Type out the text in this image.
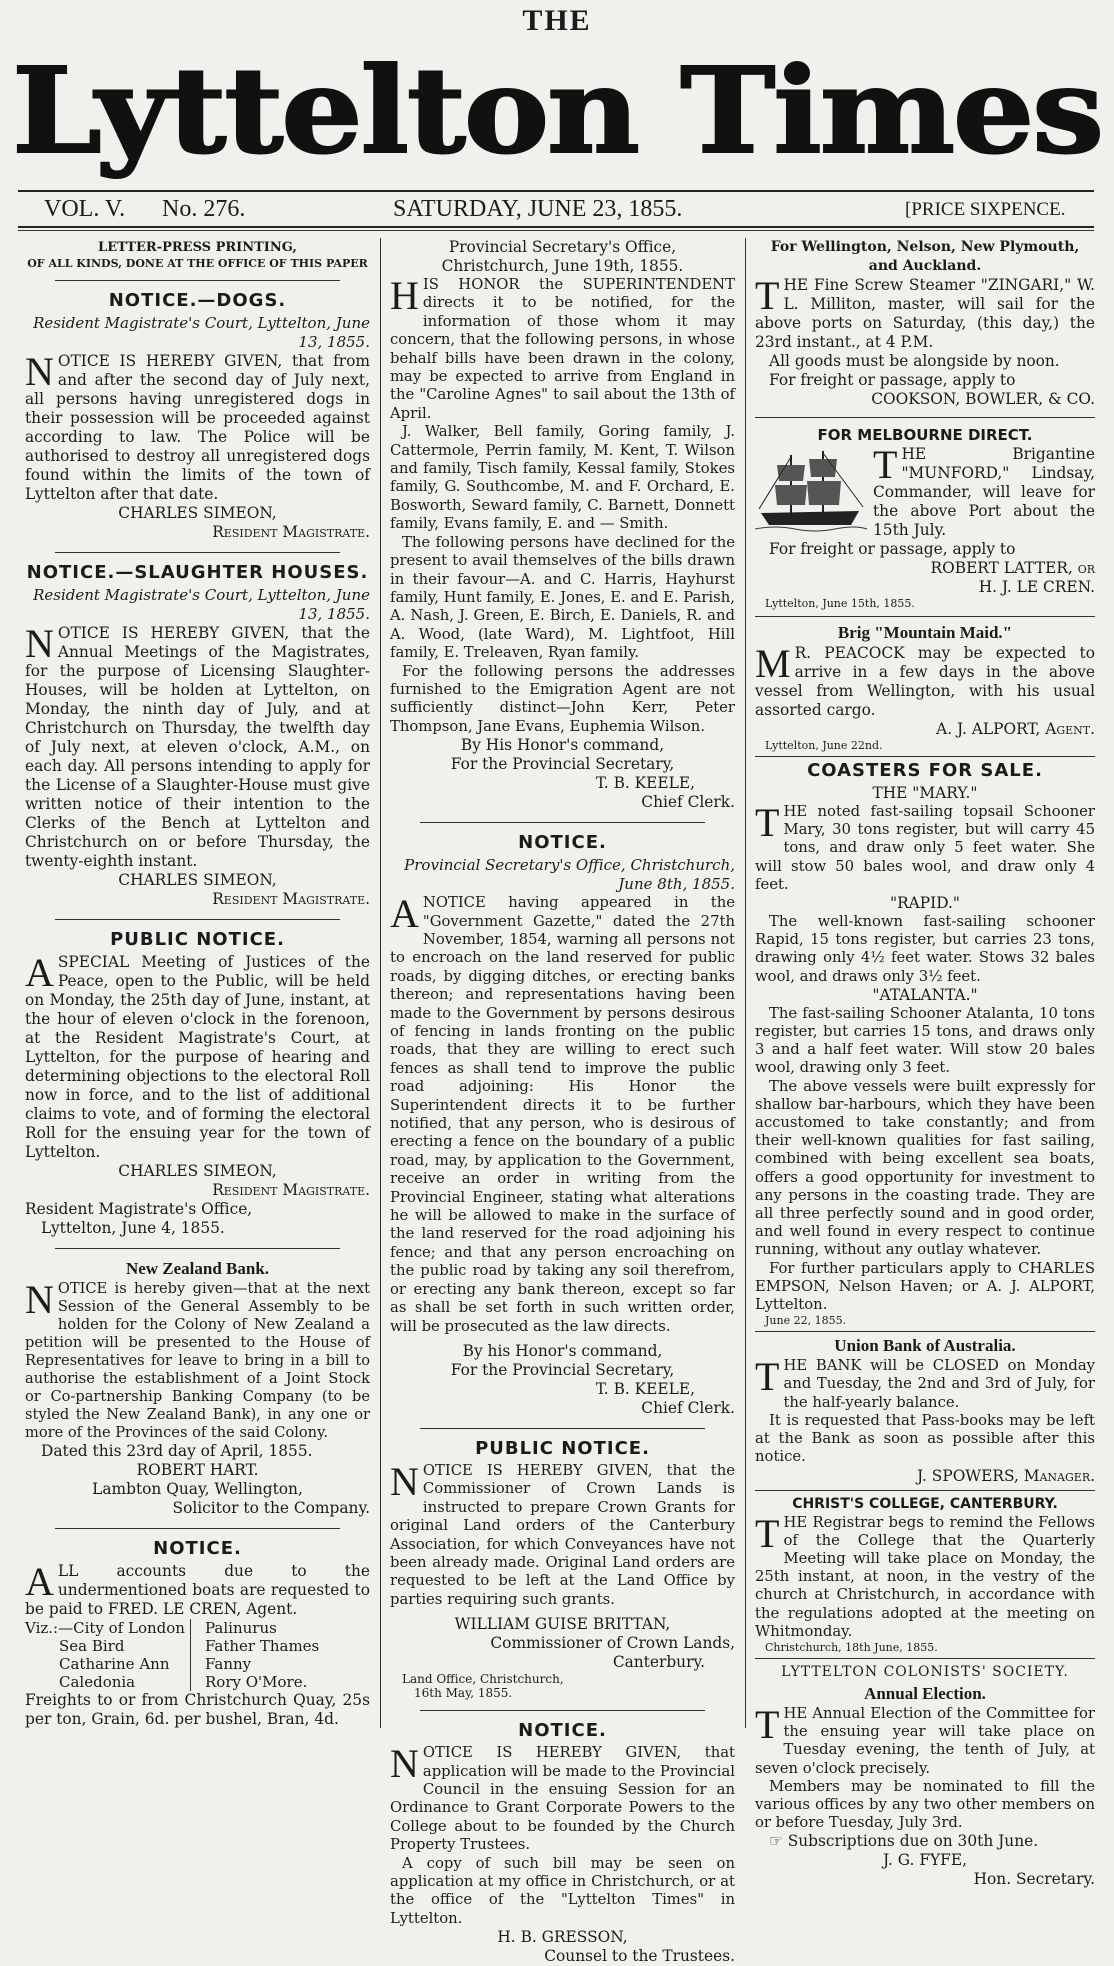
THE
Lyttelton Times
VOL. V. No. 276.	SATURDAY, JUNE 23, 1855.	[PRICE SIXPENCE.
LETTER-PRESS PRINTING,
OF ALL KINDS, DONE AT THE OFFICE OF THIS PAPER
NOTICE.—DOGS.
Resident Magistrate's Court, Lyttelton, June 13, 1855.

NOTICE IS HEREBY GIVEN, that from and after the second day of July next, all persons having unregistered dogs in their possession will be proceeded against according to law. The Police will be authorised to destroy all unregistered dogs found within the limits of the town of Lyttelton after that date.

CHARLES SIMEON,
Resident Magistrate.
NOTICE.—SLAUGHTER HOUSES.
Resident Magistrate's Court, Lyttelton, June 13, 1855.

NOTICE IS HEREBY GIVEN, that the Annual Meetings of the Magistrates, for the purpose of Licensing Slaughter-Houses, will be holden at Lyttelton, on Monday, the ninth day of July, and at Christchurch on Thursday, the twelfth day of July next, at eleven o'clock, A.M., on each day. All persons intending to apply for the License of a Slaughter-House must give written notice of their intention to the Clerks of the Bench at Lyttelton and Christchurch on or before Thursday, the twenty-eighth instant.

CHARLES SIMEON,
Resident Magistrate.
PUBLIC NOTICE.

ASPECIAL Meeting of Justices of the Peace, open to the Public, will be held on Monday, the 25th day of June, instant, at the hour of eleven o'clock in the forenoon, at the Resident Magistrate's Court, at Lyttelton, for the purpose of hearing and determining objections to the electoral Roll now in force, and to the list of additional claims to vote, and of forming the electoral Roll for the ensuing year for the town of Lyttelton.

CHARLES SIMEON,
Resident Magistrate.
Resident Magistrate's Office,
Lyttelton, June 4, 1855.
New Zealand Bank.

NOTICE is hereby given—that at the next Session of the General Assembly to be holden for the Colony of New Zealand a petition will be presented to the House of Representatives for leave to bring in a bill to authorise the establishment of a Joint Stock or Co-partnership Banking Company (to be styled the New Zealand Bank), in any one or more of the Provinces of the said Colony.

Dated this 23rd day of April, 1855.
ROBERT HART.
Lambton Quay, Wellington,
Solicitor to the Company.
NOTICE.

ALL accounts due to the undermentioned boats are requested to be paid to FRED. LE CREN, Agent.

Viz.:—City of London
Sea Bird
Catharine Ann
Caledonia
Palinurus
Father Thames
Fanny
Rory O'More.

Freights to or from Christchurch Quay, 25s per ton, Grain, 6d. per bushel, Bran, 4d.

Provincial Secretary's Office,
Christchurch, June 19th, 1855.

HIS HONOR the SUPERINTENDENT directs it to be notified, for the information of those whom it may concern, that the following persons, in whose behalf bills have been drawn in the colony, may be expected to arrive from England in the "Caroline Agnes" to sail about the 13th of April.

J. Walker, Bell family, Goring family, J. Cattermole, Perrin family, M. Kent, T. Wilson and family, Tisch family, Kessal family, Stokes family, G. Southcombe, M. and F. Orchard, E. Bosworth, Seward family, C. Barnett, Donnett family, Evans family, E. and — Smith.

The following persons have declined for the present to avail themselves of the bills drawn in their favour—A. and C. Harris, Hayhurst family, Hunt family, E. Jones, E. and E. Parish, A. Nash, J. Green, E. Birch, E. Daniels, R. and A. Wood, (late Ward), M. Lightfoot, Hill family, E. Treleaven, Ryan family.

For the following persons the addresses furnished to the Emigration Agent are not sufficiently distinct—John Kerr, Peter Thompson, Jane Evans, Euphemia Wilson.

By His Honor's command,
For the Provincial Secretary,
T. B. KEELE,
Chief Clerk.
NOTICE.
Provincial Secretary's Office, Christchurch, June 8th, 1855.

ANOTICE having appeared in the "Government Gazette," dated the 27th November, 1854, warning all persons not to encroach on the land reserved for public roads, by digging ditches, or erecting banks thereon; and representations having been made to the Government by persons desirous of fencing in lands fronting on the public roads, that they are willing to erect such fences as shall tend to improve the public road adjoining: His Honor the Superintendent directs it to be further notified, that any person, who is desirous of erecting a fence on the boundary of a public road, may, by application to the Government, receive an order in writing from the Provincial Engineer, stating what alterations he will be allowed to make in the surface of the land reserved for the road adjoining his fence; and that any person encroaching on the public road by taking any soil therefrom, or erecting any bank thereon, except so far as shall be set forth in such written order, will be prosecuted as the law directs.

By his Honor's command,
For the Provincial Secretary,
T. B. KEELE,
Chief Clerk.
PUBLIC NOTICE.

NOTICE IS HEREBY GIVEN, that the Commissioner of Crown Lands is instructed to prepare Crown Grants for original Land orders of the Canterbury Association, for which Conveyances have not been already made. Original Land orders are requested to be left at the Land Office by parties requiring such grants.

WILLIAM GUISE BRITTAN,
Commissioner of Crown Lands,
Canterbury.
Land Office, Christchurch,
16th May, 1855.
NOTICE.

NOTICE IS HEREBY GIVEN, that application will be made to the Provincial Council in the ensuing Session for an Ordinance to Grant Corporate Powers to the College about to be founded by the Church Property Trustees.

A copy of such bill may be seen on application at my office in Christchurch, or at the office of the "Lyttelton Times" in Lyttelton.

H. B. GRESSON,
Counsel to the Trustees.
For Wellington, Nelson, New Plymouth, and Auckland.

THE Fine Screw Steamer "ZINGARI," W. L. Milliton, master, will sail for the above ports on Saturday, (this day,) the 23rd instant., at 4 P.M.

All goods must be alongside by noon.
For freight or passage, apply to
COOKSON, BOWLER, & CO.
FOR MELBOURNE DIRECT.

THE Brigantine "MUNFORD," Lindsay, Commander, will leave for the above Port about the 15th July.

For freight or passage, apply to

ROBERT LATTER, or
H. J. LE CREN.
Lyttelton, June 15th, 1855.
Brig "Mountain Maid."

M R. PEACOCK may be expected to arrive in a few days in the above vessel from Wellington, with his usual assorted cargo.

A. J. ALPORT, Agent.
Lyttelton, June 22nd.
COASTERS FOR SALE.
THE "MARY."

THE noted fast-sailing topsail Schooner Mary, 30 tons register, but will carry 45 tons, and draw only 5 feet water. She will stow 50 bales wool, and draw only 4 feet.

"RAPID."

The well-known fast-sailing schooner Rapid, 15 tons register, but carries 23 tons, drawing only 4½ feet water. Stows 32 bales wool, and draws only 3½ feet.

"ATALANTA."

The fast-sailing Schooner Atalanta, 10 tons register, but carries 15 tons, and draws only 3 and a half feet water. Will stow 20 bales wool, drawing only 3 feet.

The above vessels were built expressly for shallow bar-harbours, which they have been accustomed to take constantly; and from their well-known qualities for fast sailing, combined with being excellent sea boats, offers a good opportunity for investment to any persons in the coasting trade. They are all three perfectly sound and in good order, and well found in every respect to continue running, without any outlay whatever.

For further particulars apply to CHARLES EMPSON, Nelson Haven; or A. J. ALPORT, Lyttelton.

June 22, 1855.
Union Bank of Australia.

THE BANK will be CLOSED on Monday and Tuesday, the 2nd and 3rd of July, for the half-yearly balance.

It is requested that Pass-books may be left at the Bank as soon as possible after this notice.

J. SPOWERS, Manager.
CHRIST'S COLLEGE, CANTERBURY.

THE Registrar begs to remind the Fellows of the College that the Quarterly Meeting will take place on Monday, the 25th instant, at noon, in the vestry of the church at Christchurch, in accordance with the regulations adopted at the meeting on Whitmonday.

Christchurch, 18th June, 1855.
LYTTELTON COLONISTS' SOCIETY.
Annual Election.

THE Annual Election of the Committee for the ensuing year will take place on Tuesday evening, the tenth of July, at seven o'clock precisely.

Members may be nominated to fill the various offices by any two other members on or before Tuesday, July 3rd.

☞ Subscriptions due on 30th June.
J. G. FYFE,
Hon. Secretary.
